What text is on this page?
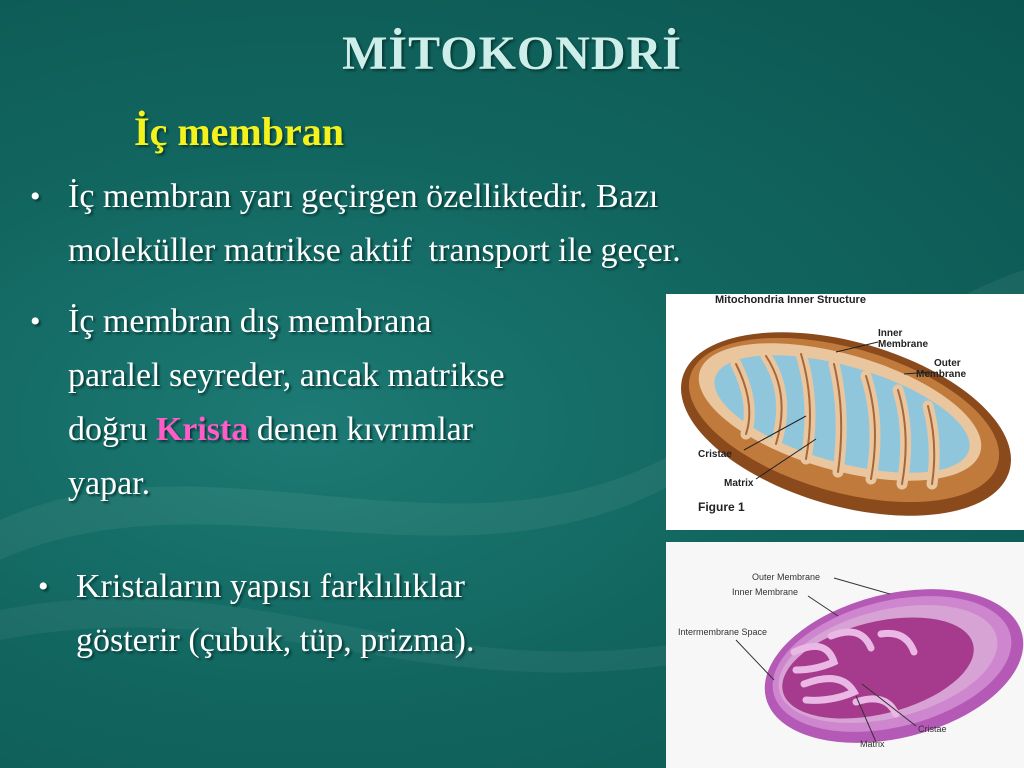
MİTOKONDRİ
İç membran
• İç membran yarı geçirgen özelliktedir. Bazı
moleküller matrikse aktif  transport ile geçer.
• İç membran dış membrana
paralel seyreder, ancak matrikse
doğru Krista denen kıvrımlar
yapar.
• Kristaların yapısı farklılıklar
gösterir (çubuk, tüp, prizma).
Mitochondria Inner Structure
Inner
Membrane
Outer
Membrane
Cristae
Matrix
Figure 1
Outer Membrane
Inner Membrane
Intermembrane Space
Cristae
Matrix
